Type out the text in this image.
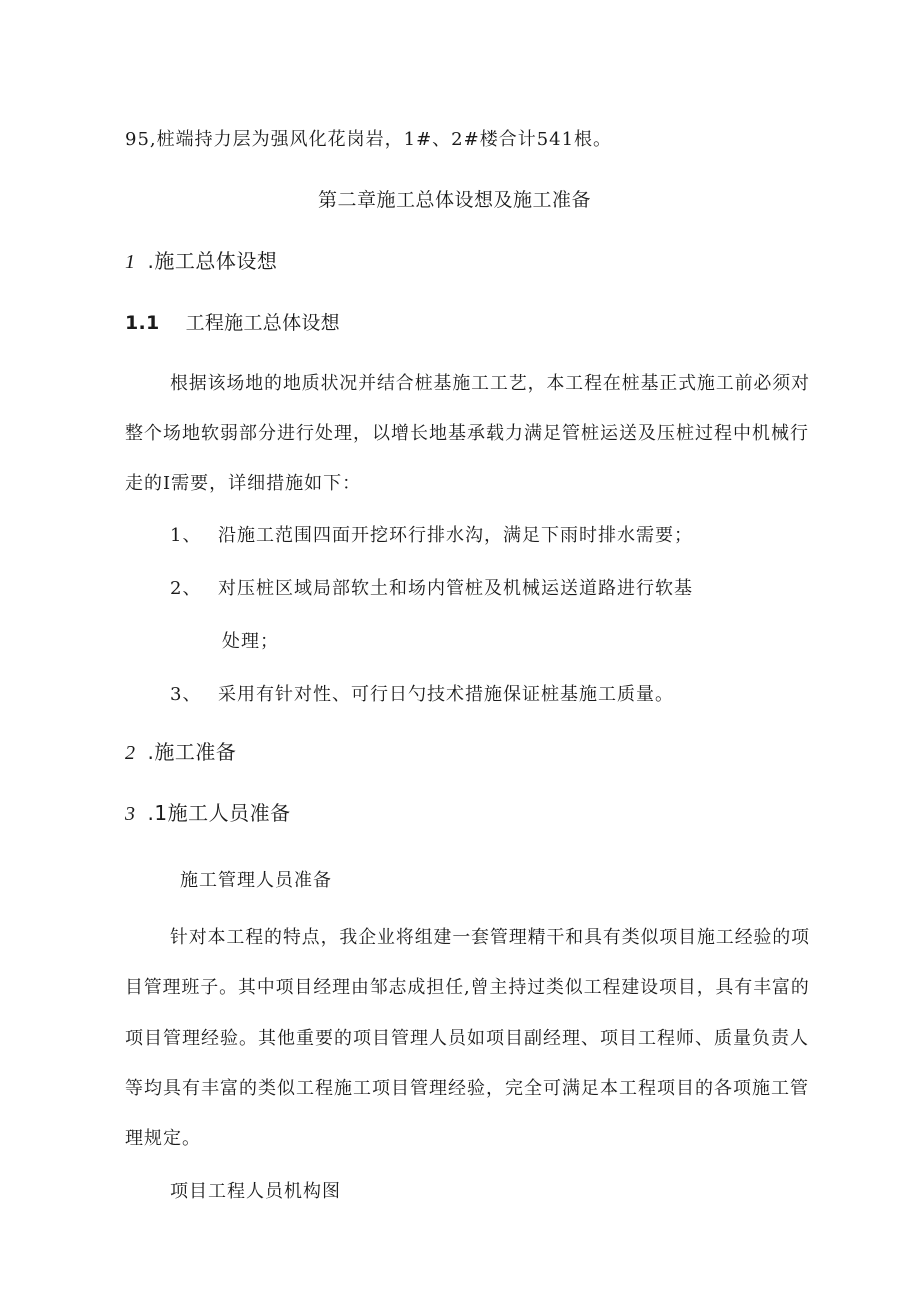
95,桩端持力层为强风化花岗岩，1#、2#楼合计541根。
第二章施工总体设想及施工准备
1 .施工总体设想
1.1 工程施工总体设想
根据该场地的地质状况并结合桩基施工工艺，本工程在桩基正式施工前必须对
整个场地软弱部分进行处理，以增长地基承载力满足管桩运送及压桩过程中机械行
走的I需要，详细措施如下：
1、 沿施工范围四面开挖环行排水沟，满足下雨时排水需要；
2、 对压桩区域局部软土和场内管桩及机械运送道路进行软基
处理；
3、 采用有针对性、可行日勺技术措施保证桩基施工质量。
2 .施工准备
3 .1施工人员准备
施工管理人员准备
针对本工程的特点，我企业将组建一套管理精干和具有类似项目施工经验的项
目管理班子。其中项目经理由邹志成担任,曾主持过类似工程建设项目，具有丰富的
项目管理经验。其他重要的项目管理人员如项目副经理、项目工程师、质量负责人
等均具有丰富的类似工程施工项目管理经验，完全可满足本工程项目的各项施工管
理规定。
项目工程人员机构图
